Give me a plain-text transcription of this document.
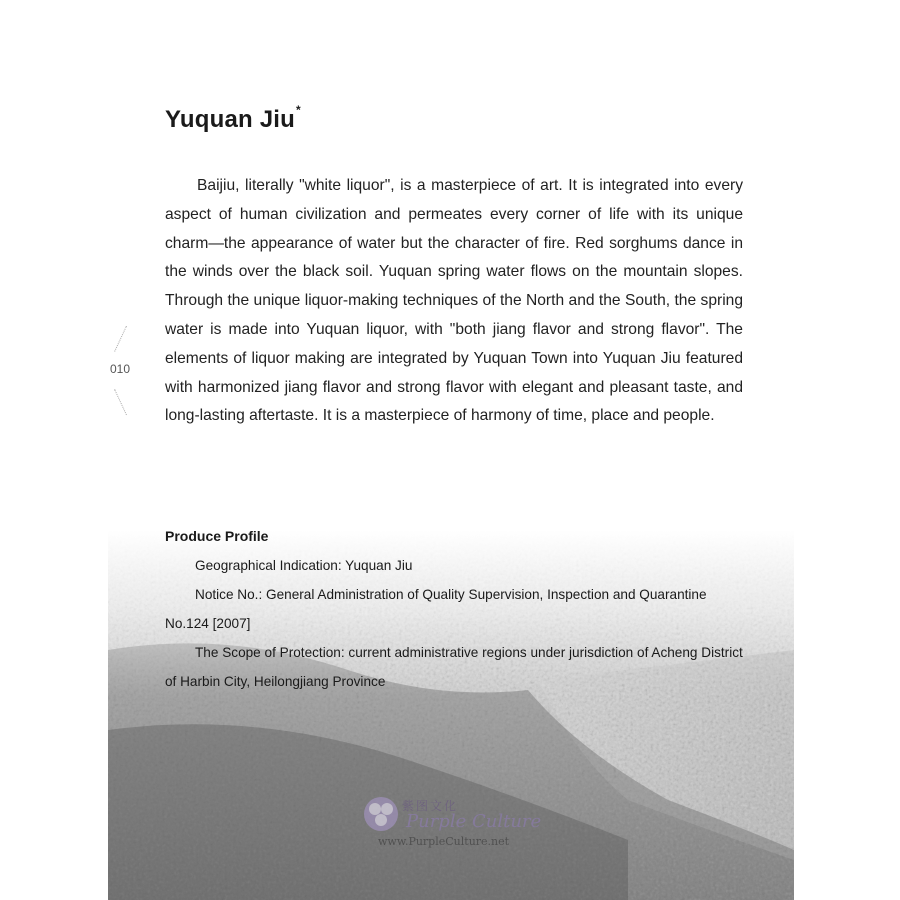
Yuquan Jiu*

Baijiu, literally "white liquor", is a masterpiece of art. It is integrated into every aspect of human civilization and permeates every corner of life with its unique charm—the appearance of water but the character of fire. Red sorghums dance in the winds over the black soil. Yuquan spring water flows on the mountain slopes. Through the unique liquor-making techniques of the North and the South, the spring water is made into Yuquan liquor, with "both jiang flavor and strong flavor". The elements of liquor making are integrated by Yuquan Town into Yuquan Jiu featured with harmonized jiang flavor and strong flavor with elegant and pleasant taste, and long-lasting aftertaste. It is a masterpiece of harmony of time, place and people.

010
Produce Profile
Geographical Indication: Yuquan Jiu
Notice No.: General Administration of Quality Supervision, Inspection and Quarantine No.124 [2007]
The Scope of Protection: current administrative regions under jurisdiction of Acheng District of Harbin City, Heilongjiang Province
紫图文化
Purple Culture
www.PurpleCulture.net
